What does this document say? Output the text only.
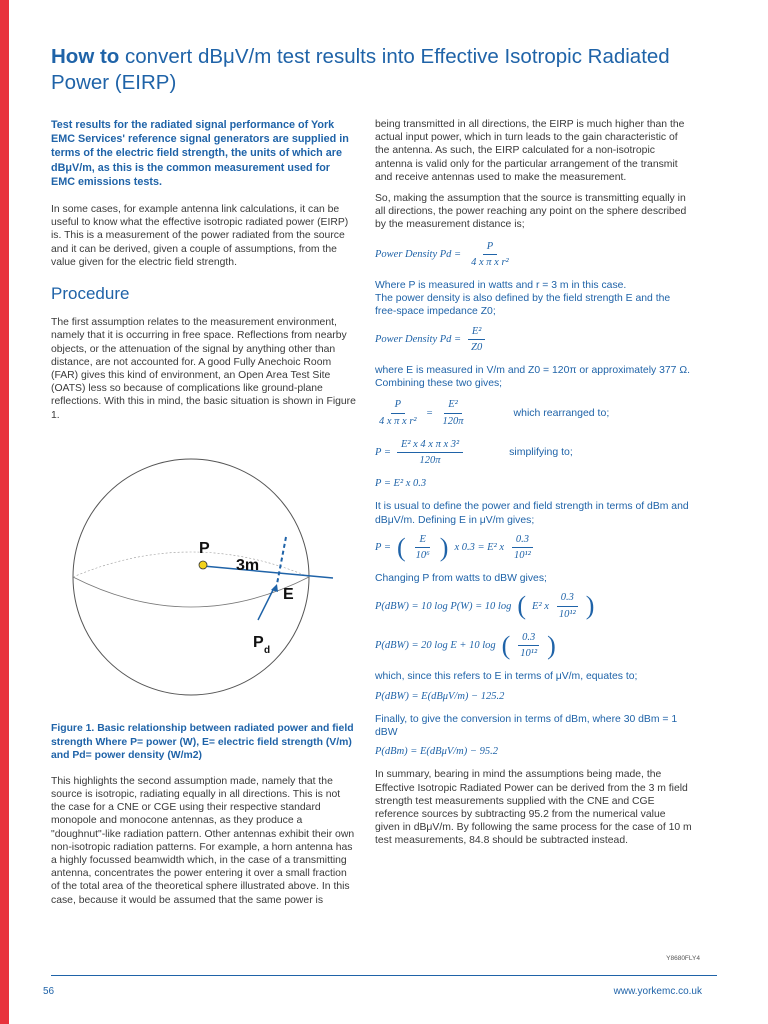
How to convert dBμV/m test results into Effective Isotropic Radiated Power (EIRP)

Test results for the radiated signal performance of York EMC Services' reference signal generators are supplied in terms of the electric field strength, the units of which are dBμV/m, as this is the common measurement used for EMC emissions tests.

In some cases, for example antenna link calculations, it can be useful to know what the effective isotropic radiated power (EIRP) is. This is a measurement of the power radiated from the source and it can be derived, given a couple of assumptions, from the value given for the electric field strength.

Procedure

The first assumption relates to the measurement environment, namely that it is occurring in free space. Reflections from nearby objects, or the attenuation of the signal by anything other than distance, are not accounted for. A good Fully Anechoic Room (FAR) gives this kind of environment, an Open Area Test Site (OATS) less so because of complications like ground-plane reflections. With this in mind, the basic situation is shown in Figure 1.

P
3m
E
P d

Figure 1. Basic relationship between radiated power and field strength Where P= power (W), E= electric field strength (V/m) and Pd= power density (W/m2)

This highlights the second assumption made, namely that the source is isotropic, radiating equally in all directions. This is not the case for a CNE or CGE using their respective standard monopole and monocone antennas, as they produce a "doughnut"-like radiation pattern. Other antennas exhibit their own non-isotropic radiation patterns. For example, a horn antenna has a highly focussed beamwidth which, in the case of a transmitting antenna, concentrates the power entering it over a small fraction of the total area of the theoretical sphere illustrated above. In this case, because it would be assumed that the same power is

being transmitted in all directions, the EIRP is much higher than the actual input power, which in turn leads to the gain characteristic of the antenna. As such, the EIRP calculated for a non-isotropic antenna is valid only for the particular arrangement of the transmit and receive antennas used to make the measurement.

So, making the assumption that the source is transmitting equally in all directions, the power reaching any point on the sphere described by the measurement distance is;

Power Density $Pd = \frac{P}{\text{4 x π x r²}}$
Where P is measured in watts and r = 3 m in this case.
The power density is also defined by the field strength E and the free-space impedance Z0;
Power Density $Pd = \frac{\text{E²}}{Z0}$
where E is measured in V/m and Z0 = 120π or approximately 377 Ω. Combining these two gives;
$\frac{P}{\text{4 x π x r²}} = \frac{\text{E²}}{120\pi}$	which rearranged to;
$P = \frac{\text{E² x 4 x π x 3²}}{120\pi}$	simplifying to;
P = E² x 0.3
It is usual to define the power and field strength in terms of dBm and dBμV/m. Defining E in μV/m gives;
P = ( $\frac{E}{\text{10⁶}}$ ) x 0.3 = E² x $\frac{0.3}{\text{10¹²}}$
Changing P from watts to dBW gives;
P(dBW) = 10 log P(W) = 10 log ( E² x $\frac{0.3}{\text{10¹²}}$ )
P(dBW) = 20 log E + 10 log ( $\frac{0.3}{\text{10¹²}}$ )
which, since this refers to E in terms of μV/m, equates to;
P(dBW) = E(dBμV/m) − 125.2
Finally, to give the conversion in terms of dBm, where 30 dBm = 1 dBW
P(dBm) = E(dBμV/m) − 95.2

In summary, bearing in mind the assumptions being made, the Effective Isotropic Radiated Power can be derived from the 3 m field strength test measurements supplied with the CNE and CGE reference sources by subtracting 95.2 from the numerical value given in dBμV/m. By following the same process for the case of 10 m test measurements, 84.8 should be subtracted instead.

Y8680FLY4
56	www.yorkemc.co.uk
